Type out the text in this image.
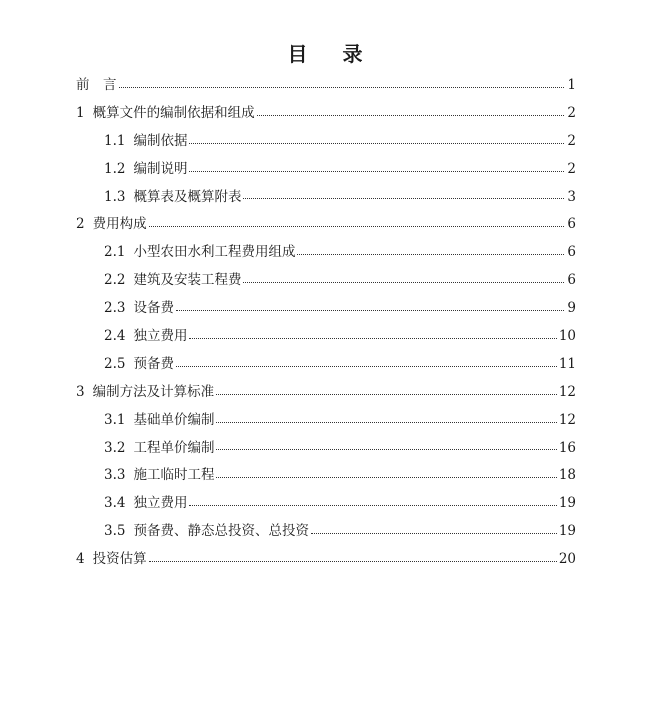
目 录
前　言	1
1 概算文件的编制依据和组成	2
1.1 编制依据	2
1.2 编制说明	2
1.3 概算表及概算附表	3
2 费用构成	6
2.1 小型农田水利工程费用组成	6
2.2 建筑及安装工程费	6
2.3 设备费	9
2.4 独立费用	10
2.5 预备费	11
3 编制方法及计算标准	12
3.1 基础单价编制	12
3.2 工程单价编制	16
3.3 施工临时工程	18
3.4 独立费用	19
3.5 预备费、静态总投资、总投资	19
4 投资估算	20
